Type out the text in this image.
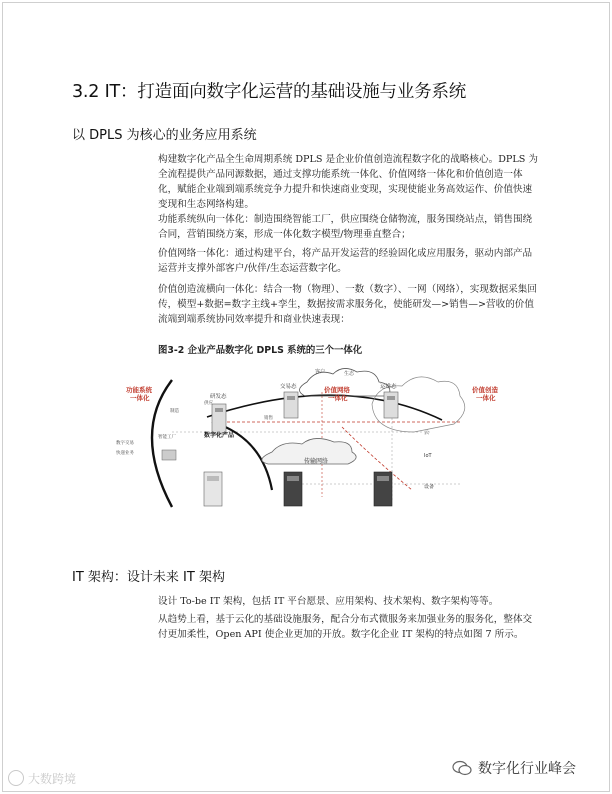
3.2 IT：打造面向数字化运营的基础设施与业务系统
以 DPLS 为核心的业务应用系统

构建数字化产品全生命周期系统 DPLS 是企业价值创造流程数字化的战略核心。DPLS 为全流程提供产品同源数据，通过支撑功能系统一体化、价值网络一体化和价值创造一体化，赋能企业端到端系统竞争力提升和快速商业变现，实现使能业务高效运作、价值快速变现和生态网络构建。

功能系统纵向一体化：制造围绕智能工厂，供应围绕仓储物流，服务围绕站点，销售围绕合同，营销围绕方案，形成一体化数字模型/物理垂直整合；

价值网络一体化：通过构建平台，将产品开发运营的经验固化成应用服务，驱动内部产品运营并支撑外部客户/伙伴/生态运营数字化。

价值创造流横向一体化：结合一物（物理）、一数（数字）、一网（网络），实现数据采集回传，模型+数据=数字主线+孪生，数据按需求服务化，使能研发—>销售—>营收的价值流端到端系统协同效率提升和商业快速表现：

图3-2 企业产品数字化 DPLS 系统的三个一体化
传输网络
功能系统
一体化
价值网络
一体化
价值创造
一体化
研发态
交易态	运维态
客户	生态
供应
制造
销售
数字化产品
智能工厂
数字交易
快递业务
云
IoT
设备
IT 架构：设计未来 IT 架构

设计 To-be IT 架构，包括 IT 平台愿景、应用架构、技术架构、数字架构等等。

从趋势上看，基于云化的基础设施服务，配合分布式微服务来加强业务的服务化，整体交付更加柔性，Open API 使企业更加的开放。数字化企业 IT 架构的特点如图 7 所示。

大数跨境
数字化行业峰会
